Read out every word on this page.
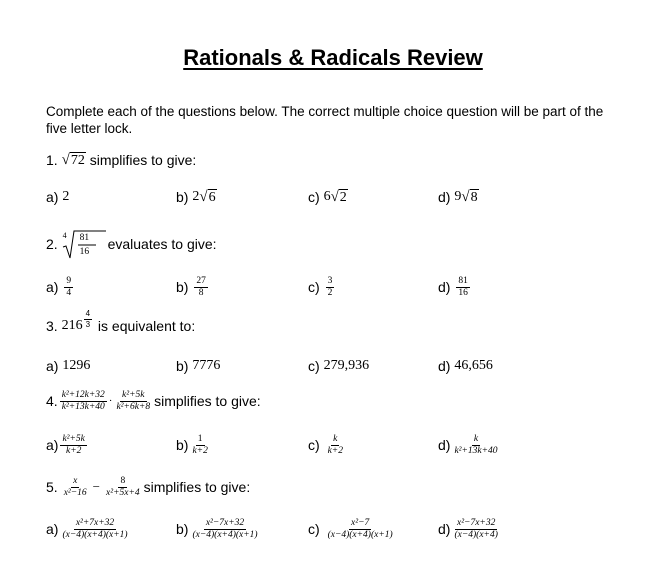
Rationals & Radicals Review
Complete each of the questions below. The correct multiple choice question will be part of the five letter lock.
1.
√ 72
simplifies to give:
a)
2	b)
2 √ 6	c)
6 √ 2	d)
9 √ 8
2.

4 81
16 evaluates to give:
a)
$\frac{9}{4}$	b)
$\frac{27}{8}$	c)
$\frac{3}{2}$	d)
$\frac{81}{16}$
3.
$216 \frac{4}{3}$
is equivalent to:
a)
1296	b)
7776	c)
279,936	d)
46,656
4. $\frac{\text{k²+12k+32}}{\text{k²+13k+40}} \cdot \frac{\text{k²+5k}}{\text{k²+6k+8}}$ simplifies to give:
$a) \frac{\text{k²+5k}}{k+2}$	$b) \frac{1}{k+2}$	c)
$\frac{k}{k+2}$	$d) \frac{k}{\text{k²+13k+40}}$
5. $\frac{x}{\text{x²−16}} - \frac{8}{\text{x²+5x+4}}$ simplifies to give:
$a) \frac{\text{x²+7x+32}}{(x-4)(x+4)(x+1)}$	$b) \frac{\text{x²−7x+32}}{(x-4)(x+4)(x+1)}$	c)
$\frac{\text{x²−7}}{(x-4)(x+4)(x+1)}$	$d) \frac{\text{x²−7x+32}}{(x-4)(x+4)}$
